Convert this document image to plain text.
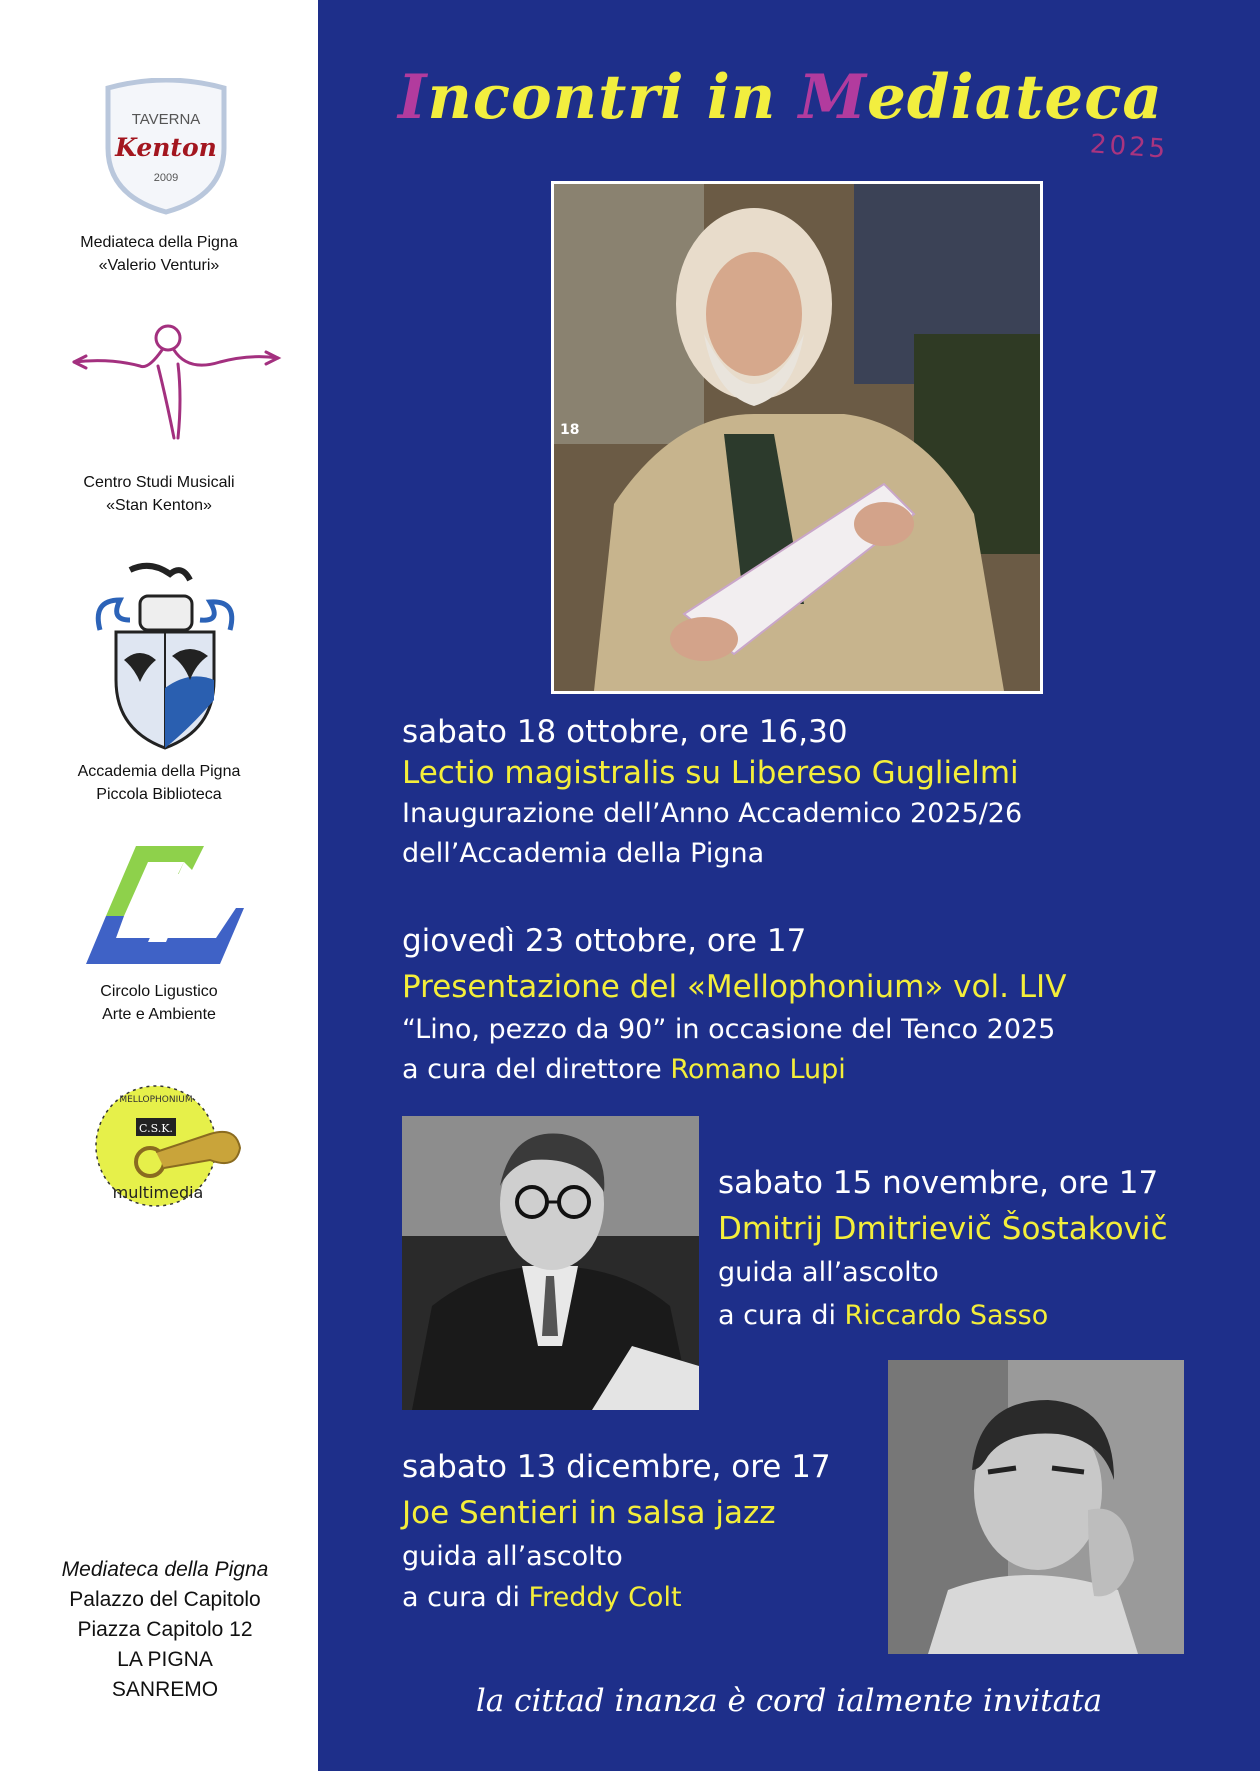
TAVERNA
Kenton
2009
Mediateca della Pigna
«Valerio Venturi»
Centro Studi Musicali
«Stan Kenton»
Accademia della Pigna
Piccola Biblioteca
Circolo Ligustico
Arte e Ambiente
C.S.K.
MELLOPHONIUM
multimedia
Mediateca della Pigna
Palazzo del Capitolo
Piazza Capitolo 12
LA PIGNA
SANREMO
Incontri in Mediateca
2025
18
sabato 18 ottobre, ore 16,30
Lectio magistralis su Libereso Guglielmi
Inaugurazione dell’Anno Accademico 2025/26
dell’Accademia della Pigna
giovedì 23 ottobre, ore 17
Presentazione del «Mellophonium» vol. LIV
“Lino, pezzo da 90” in occasione del Tenco 2025
a cura del direttore Romano Lupi
sabato 15 novembre, ore 17
Dmitrij Dmitrievič Šostakovič
guida all’ascolto
a cura di Riccardo Sasso
sabato 13 dicembre, ore 17
Joe Sentieri in salsa jazz
guida all’ascolto
a cura di Freddy Colt
la cittad inanza è cord ialmente invitata
